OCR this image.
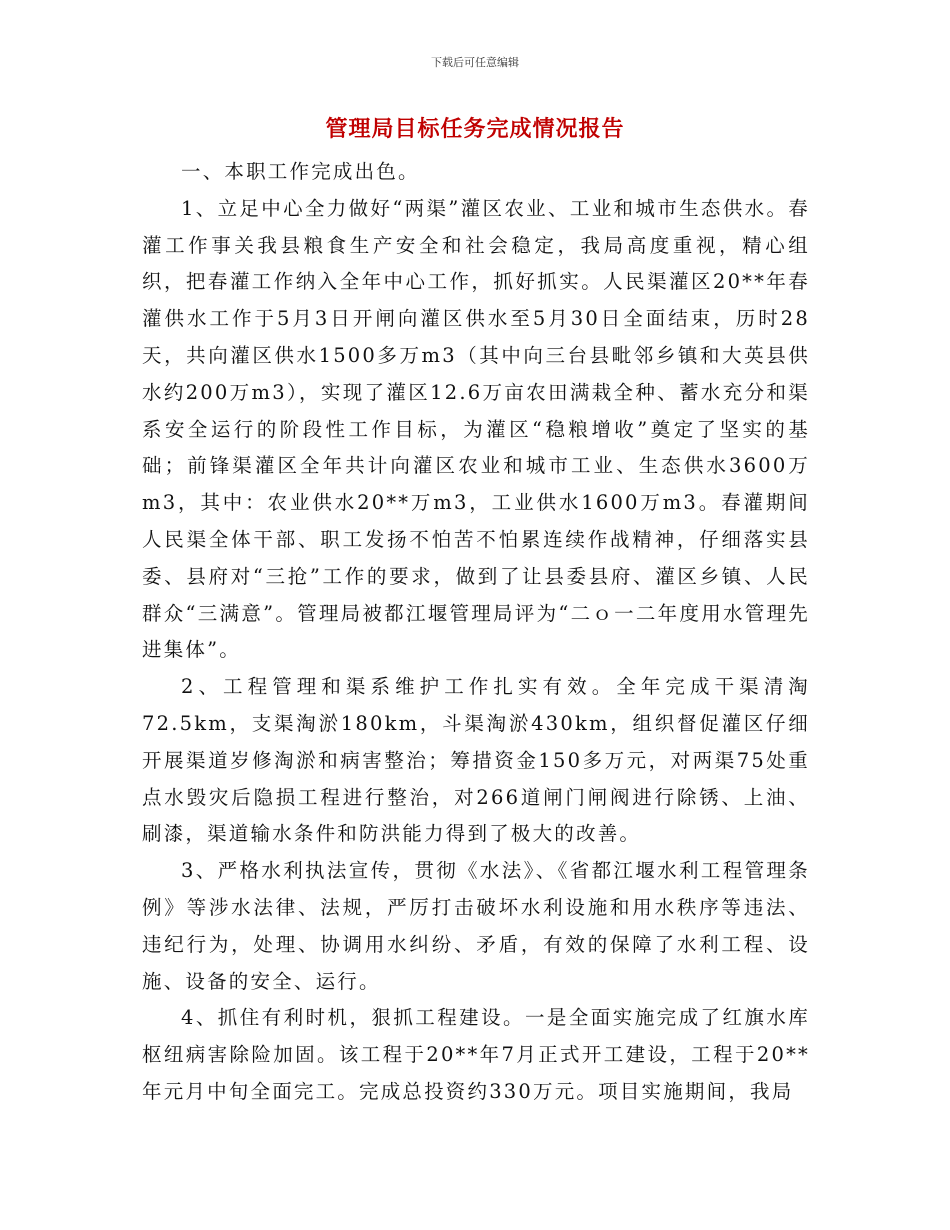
下载后可任意编辑
管理局目标任务完成情况报告

一、本职工作完成出色。

1、立足中心全力做好“两渠”灌区农业、工业和城市生态供水。春灌工作事关我县粮食生产安全和社会稳定，我局高度重视，精心组织，把春灌工作纳入全年中心工作，抓好抓实。人民渠灌区20**年春灌供水工作于5月3日开闸向灌区供水至5月30日全面结束，历时28天，共向灌区供水1500多万m3（其中向三台县毗邻乡镇和大英县供水约200万m3），实现了灌区12.6万亩农田满栽全种、蓄水充分和渠系安全运行的阶段性工作目标，为灌区“稳粮增收”奠定了坚实的基础；前锋渠灌区全年共计向灌区农业和城市工业、生态供水3600万m3，其中：农业供水20**万m3，工业供水1600万m3。春灌期间人民渠全体干部、职工发扬不怕苦不怕累连续作战精神，仔细落实县委、县府对“三抢”工作的要求，做到了让县委县府、灌区乡镇、人民群众“三满意”。管理局被都江堰管理局评为“二ｏ一二年度用水管理先进集体”。

2、工程管理和渠系维护工作扎实有效。全年完成干渠清淘72.5km，支渠淘淤180km，斗渠淘淤430km，组织督促灌区仔细开展渠道岁修淘淤和病害整治；筹措资金150多万元，对两渠75处重点水毁灾后隐损工程进行整治，对266道闸门闸阀进行除锈、上油、刷漆，渠道输水条件和防洪能力得到了极大的改善。

3、严格水利执法宣传，贯彻《水法》、《省都江堰水利工程管理条例》等涉水法律、法规，严厉打击破坏水利设施和用水秩序等违法、违纪行为，处理、协调用水纠纷、矛盾，有效的保障了水利工程、设施、设备的安全、运行。

4、抓住有利时机，狠抓工程建设。一是全面实施完成了红旗水库枢纽病害除险加固。该工程于20**年7月正式开工建设，工程于20**年元月中旬全面完工。完成总投资约330万元。项目实施期间，我局
